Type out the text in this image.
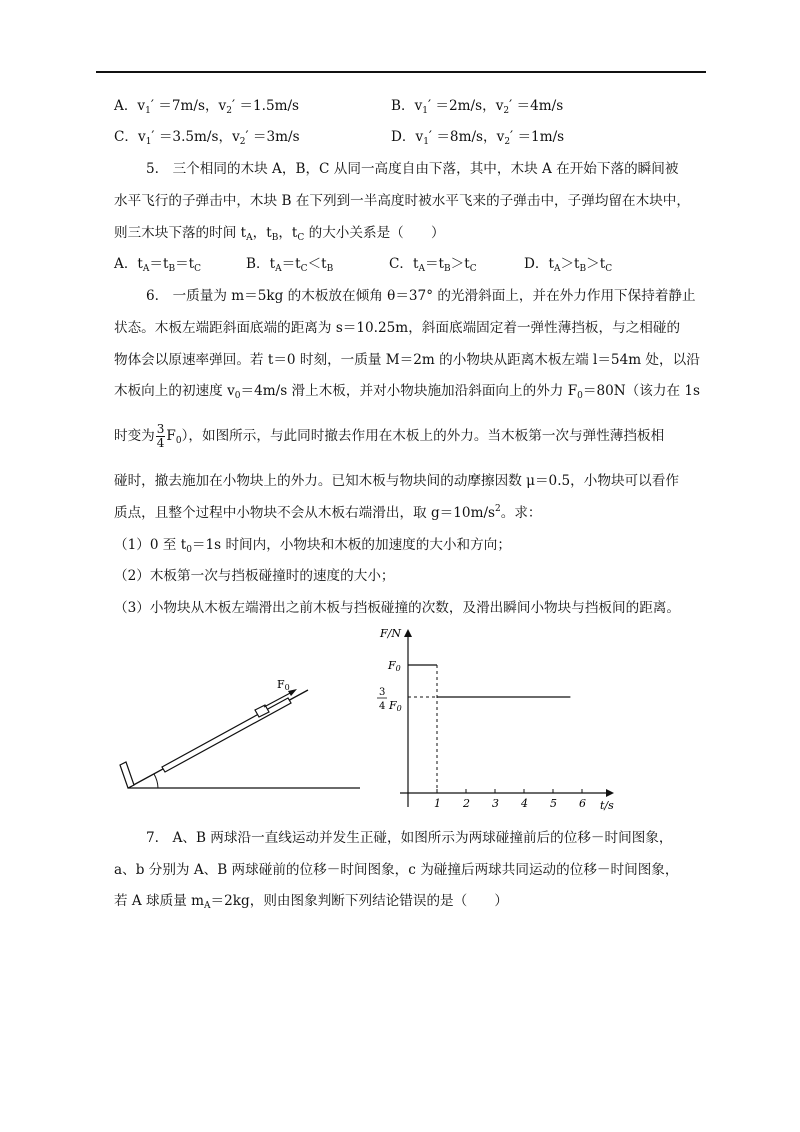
A．$v_1' =7m/s$，$v_2' =1.5m/s$	B．$v_1' =2m/s$，$v_2' =4m/s$
C．$v_1' =3.5m/s$，$v_2' =3m/s$	D．$v_1' =8m/s$，$v_2' =1m/s$
5.　三个相同的木块 A，B，C 从同一高度自由下落，其中，木块 A 在开始下落的瞬间被
水平飞行的子弹击中，木块 B 在下列到一半高度时被水平飞来的子弹击中，子弹均留在木块中，
则三木块下落的时间 $t_A$，$t_B$，$t_C$ 的大小关系是（　　）
A．$t_A=t_B=t_C$	B．$t_A=t_C<t_B$	C．$t_A=t_B>t_C$	D．$t_A>t_B>t_C$
6.　一质量为 m＝5kg 的木板放在倾角 θ＝37° 的光滑斜面上，并在外力作用下保持着静止
状态。木板左端距斜面底端的距离为 s＝10.25m，斜面底端固定着一弹性薄挡板，与之相碰的
物体会以原速率弹回。若 t＝0 时刻，一质量 M＝2m 的小物块从距离木板左端 l＝54m 处，以沿
木板向上的初速度 $v_0=4m/s$ 滑上木板，并对小物块施加沿斜面向上的外力 $F_0=80N$（该力在 1s
时变为 $\frac{3}{4} F_0$），如图所示，与此同时撤去作用在木板上的外力。当木板第一次与弹性薄挡板相
碰时，撤去施加在小物块上的外力。已知木板与物块间的动摩擦因数 μ＝0.5，小物块可以看作
质点，且整个过程中小物块不会从木板右端滑出，取 $g=10m/s^2$。求：
（1）0 至 $t_0=1s$ 时间内，小物块和木板的加速度的大小和方向；
（2）木板第一次与挡板碰撞时的速度的大小；
（3）小物块从木板左端滑出之前木板与挡板碰撞的次数，及滑出瞬间小物块与挡板间的距离。
F0
F/N
t/s
F0
3
4 F0
1 2 3 4 5 6
7.　A、B 两球沿一直线运动并发生正碰，如图所示为两球碰撞前后的位移－时间图象，
a、b 分别为 A、B 两球碰前的位移－时间图象，c 为碰撞后两球共同运动的位移－时间图象，
若 A 球质量 $m_A=2kg$，则由图象判断下列结论错误的是（　　）
